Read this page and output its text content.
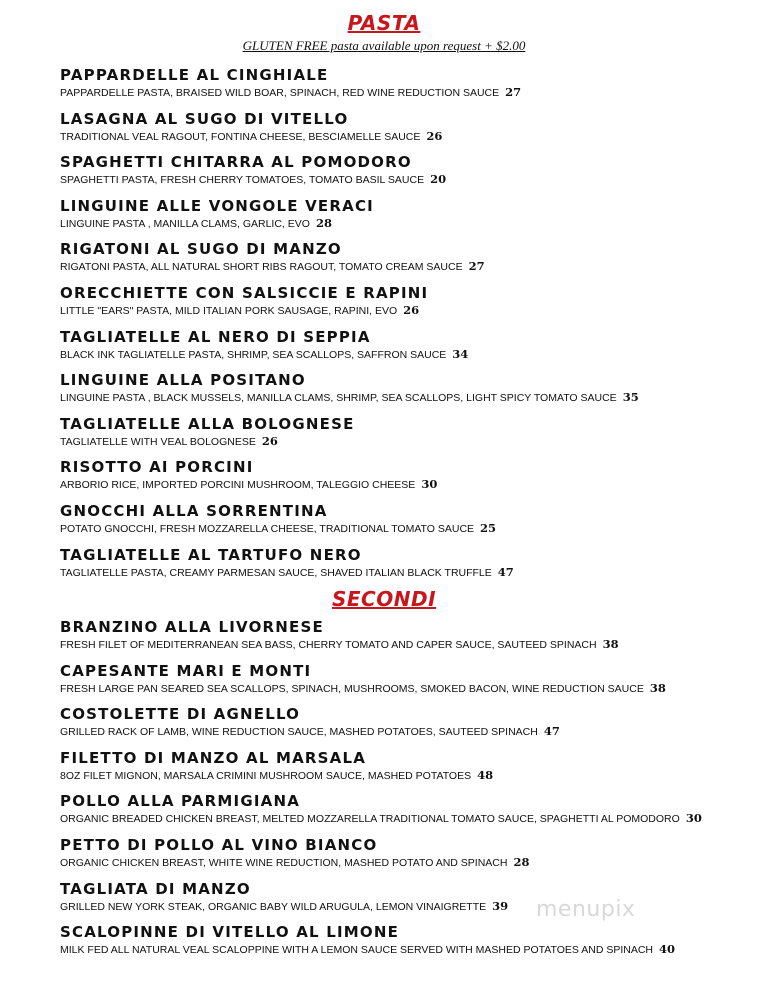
PASTA
GLUTEN FREE pasta available upon request + $2.00
PAPPARDELLE AL CINGHIALE
PAPPARDELLE PASTA, BRAISED WILD BOAR, SPINACH, RED WINE REDUCTION SAUCE 27
LASAGNA AL SUGO DI VITELLO
TRADITIONAL VEAL RAGOUT, FONTINA CHEESE, BESCIAMELLE SAUCE 26
SPAGHETTI CHITARRA AL POMODORO
SPAGHETTI PASTA, FRESH CHERRY TOMATOES, TOMATO BASIL SAUCE 20
LINGUINE ALLE VONGOLE VERACI
LINGUINE PASTA , MANILLA CLAMS, GARLIC, EVO 28
RIGATONI AL SUGO DI MANZO
RIGATONI PASTA, ALL NATURAL SHORT RIBS RAGOUT, TOMATO CREAM SAUCE 27
ORECCHIETTE CON SALSICCIE E RAPINI
LITTLE "EARS" PASTA, MILD ITALIAN PORK SAUSAGE, RAPINI, EVO 26
TAGLIATELLE AL NERO DI SEPPIA
BLACK INK TAGLIATELLE PASTA, SHRIMP, SEA SCALLOPS, SAFFRON SAUCE 34
LINGUINE ALLA POSITANO
LINGUINE PASTA , BLACK MUSSELS, MANILLA CLAMS, SHRIMP, SEA SCALLOPS, LIGHT SPICY TOMATO SAUCE 35
TAGLIATELLE ALLA BOLOGNESE
TAGLIATELLE WITH VEAL BOLOGNESE 26
RISOTTO AI PORCINI
ARBORIO RICE, IMPORTED PORCINI MUSHROOM, TALEGGIO CHEESE 30
GNOCCHI ALLA SORRENTINA
POTATO GNOCCHI, FRESH MOZZARELLA CHEESE, TRADITIONAL TOMATO SAUCE 25
TAGLIATELLE AL TARTUFO NERO
TAGLIATELLE PASTA, CREAMY PARMESAN SAUCE, SHAVED ITALIAN BLACK TRUFFLE 47
SECONDI
BRANZINO ALLA LIVORNESE
FRESH FILET OF MEDITERRANEAN SEA BASS, CHERRY TOMATO AND CAPER SAUCE, SAUTEED SPINACH 38
CAPESANTE MARI E MONTI
FRESH LARGE PAN SEARED SEA SCALLOPS, SPINACH, MUSHROOMS, SMOKED BACON, WINE REDUCTION SAUCE 38
COSTOLETTE DI AGNELLO
GRILLED RACK OF LAMB, WINE REDUCTION SAUCE, MASHED POTATOES, SAUTEED SPINACH 47
FILETTO DI MANZO AL MARSALA
8OZ FILET MIGNON, MARSALA CRIMINI MUSHROOM SAUCE, MASHED POTATOES 48
POLLO ALLA PARMIGIANA
ORGANIC BREADED CHICKEN BREAST, MELTED MOZZARELLA TRADITIONAL TOMATO SAUCE, SPAGHETTI AL POMODORO 30
PETTO DI POLLO AL VINO BIANCO
ORGANIC CHICKEN BREAST, WHITE WINE REDUCTION, MASHED POTATO AND SPINACH 28
TAGLIATA DI MANZO
GRILLED NEW YORK STEAK, ORGANIC BABY WILD ARUGULA, LEMON VINAIGRETTE 39
SCALOPINNE DI VITELLO AL LIMONE
MILK FED ALL NATURAL VEAL SCALOPPINE WITH A LEMON SAUCE SERVED WITH MASHED POTATOES AND SPINACH 40
menupix
